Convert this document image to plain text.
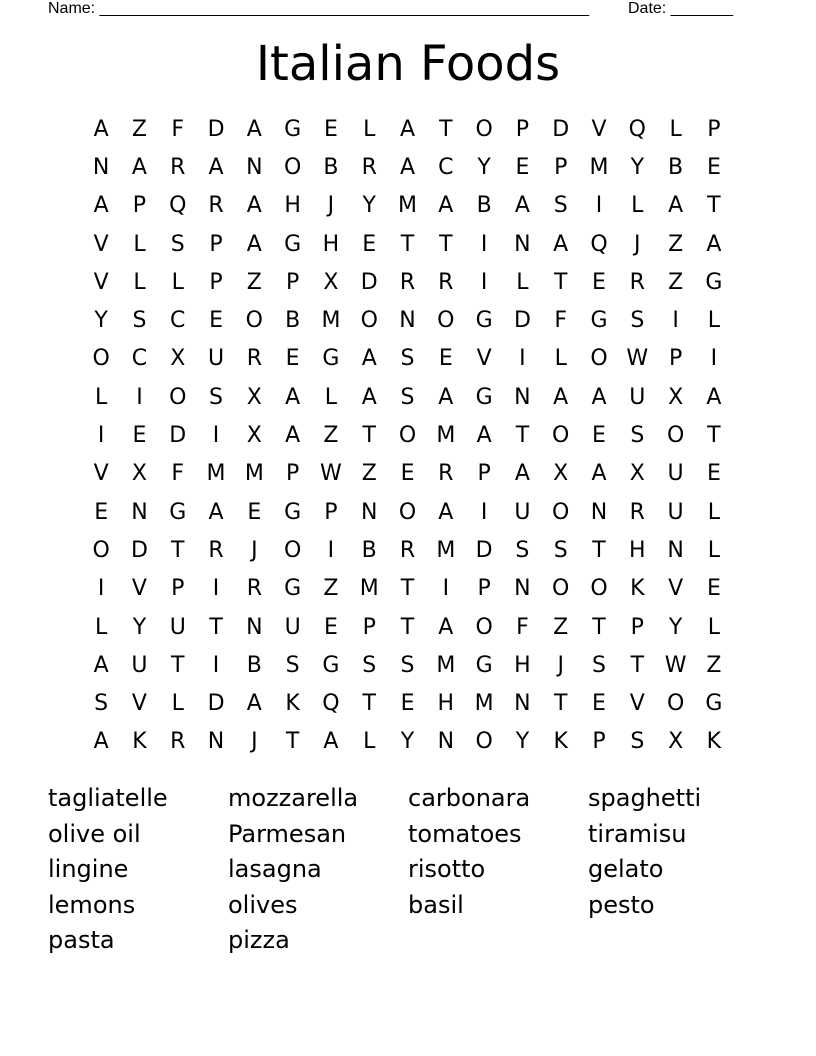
Name: _______________________________________________________ Date: _______
Italian Foods
A	Z	F	D	A	G	E	L	A	T	O	P	D	V	Q	L	P
N	A	R	A	N O	B	R	A	C	Y	E	P	M	Y	B	E
A	P	Q R	A	H	J	Y	M A	B	A	S	I	L	A	T
V	L	S	P	A	G H	E	T	T	I	N	A	Q	J	Z	A
V	L	L	P	Z	P	X	D	R	R	I	L	T	E	R	Z	G
Y	S	C	E	O	B M O N O G D	F	G	S	I	L
O C	X	U	R	E	G	A	S	E	V	I	L	O W P	I
L	I	O	S	X	A	L	A	S	A	G N	A	A	U	X	A
I	E	D	I	X	A	Z	T	O M A	T	O	E	S	O	T
V	X	F	M M	P W Z	E	R	P	A	X	A	X	U	E
E	N G	A	E	G	P	N O	A	I	U O N	R	U	L
O D	T	R	J	O	I	B	R M D	S	S	T	H N	L
I	V	P	I	R	G	Z M	T	I	P	N O O	K	V	E
L	Y	U	T	N	U	E	P	T	A	O	F	Z	T	P	Y	L
A	U	T	I	B	S	G	S	S M G H	J	S	T W Z
S	V	L	D	A	K	Q	T	E	H M N	T	E	V	O G
A	K	R	N	J	T	A	L	Y	N O	Y	K	P	S	X	K
tagliatelle	mozzarella	carbonara	spaghetti
olive oil	Parmesan	tomatoes	tiramisu
lingine	lasagna	risotto	gelato
lemons	olives	basil	pesto
pasta	pizza
